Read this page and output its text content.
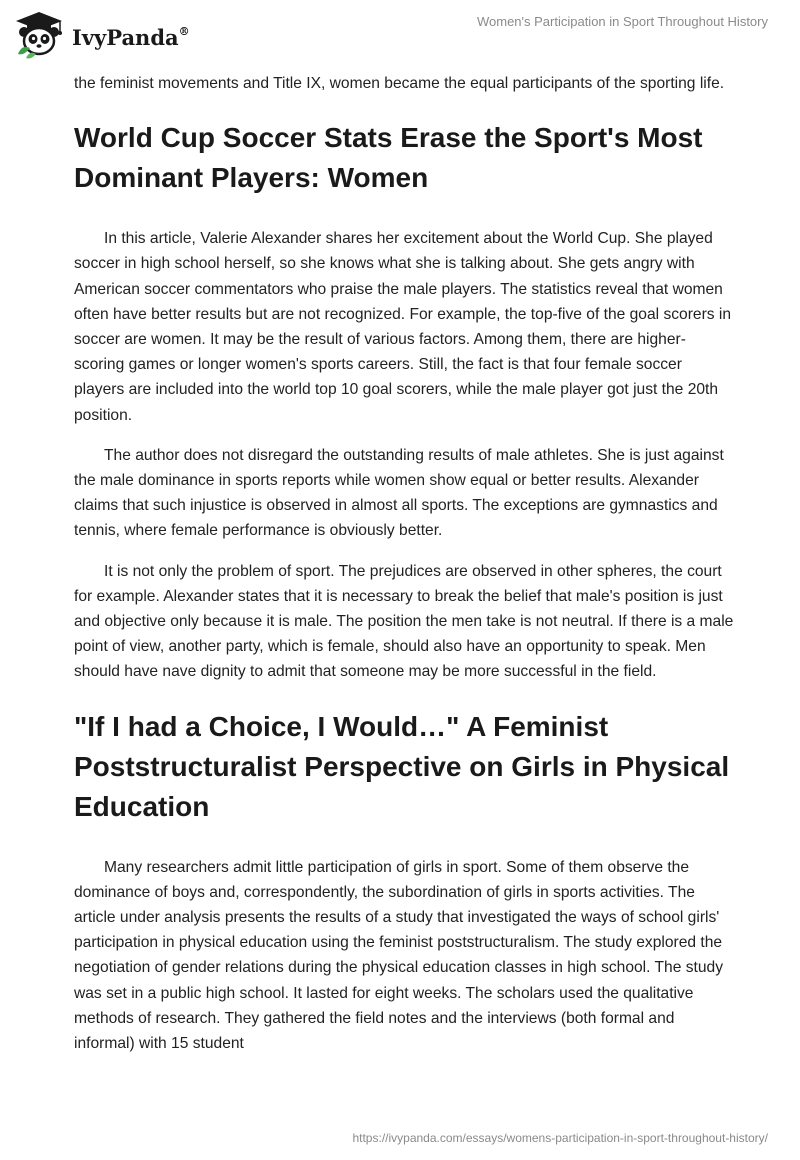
IvyPanda®
Women's Participation in Sport Throughout History

the feminist movements and Title IX, women became the equal participants of the sporting life.

World Cup Soccer Stats Erase the Sport's Most Dominant Players: Women

In this article, Valerie Alexander shares her excitement about the World Cup. She played soccer in high school herself, so she knows what she is talking about. She gets angry with American soccer commentators who praise the male players. The statistics reveal that women often have better results but are not recognized. For example, the top-five of the goal scorers in soccer are women. It may be the result of various factors. Among them, there are higher-scoring games or longer women's sports careers. Still, the fact is that four female soccer players are included into the world top 10 goal scorers, while the male player got just the 20th position.

The author does not disregard the outstanding results of male athletes. She is just against the male dominance in sports reports while women show equal or better results. Alexander claims that such injustice is observed in almost all sports. The exceptions are gymnastics and tennis, where female performance is obviously better.

It is not only the problem of sport. The prejudices are observed in other spheres, the court for example. Alexander states that it is necessary to break the belief that male's position is just and objective only because it is male. The position the men take is not neutral. If there is a male point of view, another party, which is female, should also have an opportunity to speak. Men should have nave dignity to admit that someone may be more successful in the field.

"If I had a Choice, I Would…" A Feminist Poststructuralist Perspective on Girls in Physical Education

Many researchers admit little participation of girls in sport. Some of them observe the dominance of boys and, correspondently, the subordination of girls in sports activities. The article under analysis presents the results of a study that investigated the ways of school girls' participation in physical education using the feminist poststructuralism. The study explored the negotiation of gender relations during the physical education classes in high school. The study was set in a public high school. It lasted for eight weeks. The scholars used the qualitative methods of research. They gathered the field notes and the interviews (both formal and informal) with 15 student

https://ivypanda.com/essays/womens-participation-in-sport-throughout-history/
